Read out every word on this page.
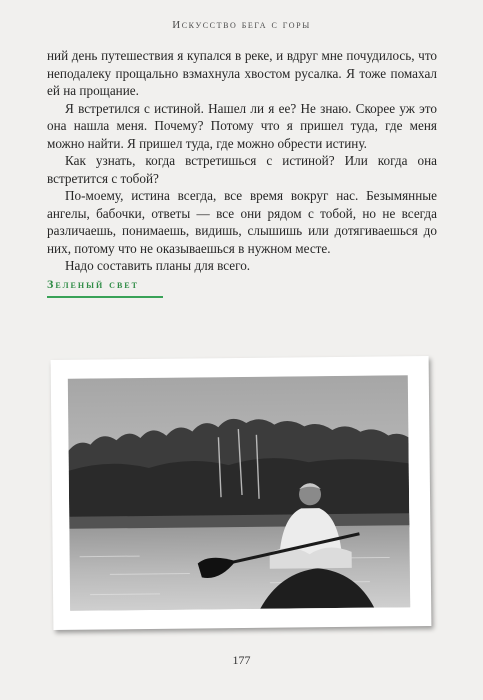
Искусство бега с горы

ний день путешествия я купался в реке, и вдруг мне почудилось, что неподалеку прощально взмахнула хвостом русалка. Я тоже помахал ей на прощание.

Я встретился с истиной. Нашел ли я ее? Не знаю. Скорее уж это она нашла меня. Почему? Потому что я пришел туда, где меня можно найти. Я пришел туда, где можно обрести истину.

Как узнать, когда встретишься с истиной? Или когда она встретится с тобой?

По-моему, истина всегда, все время вокруг нас. Безымянные ангелы, бабочки, ответы — все они рядом с тобой, но не всегда различаешь, понимаешь, видишь, слышишь или дотягиваешься до них, потому что не оказываешься в нужном месте.

Надо составить планы для всего.

Зеленый свет
177
